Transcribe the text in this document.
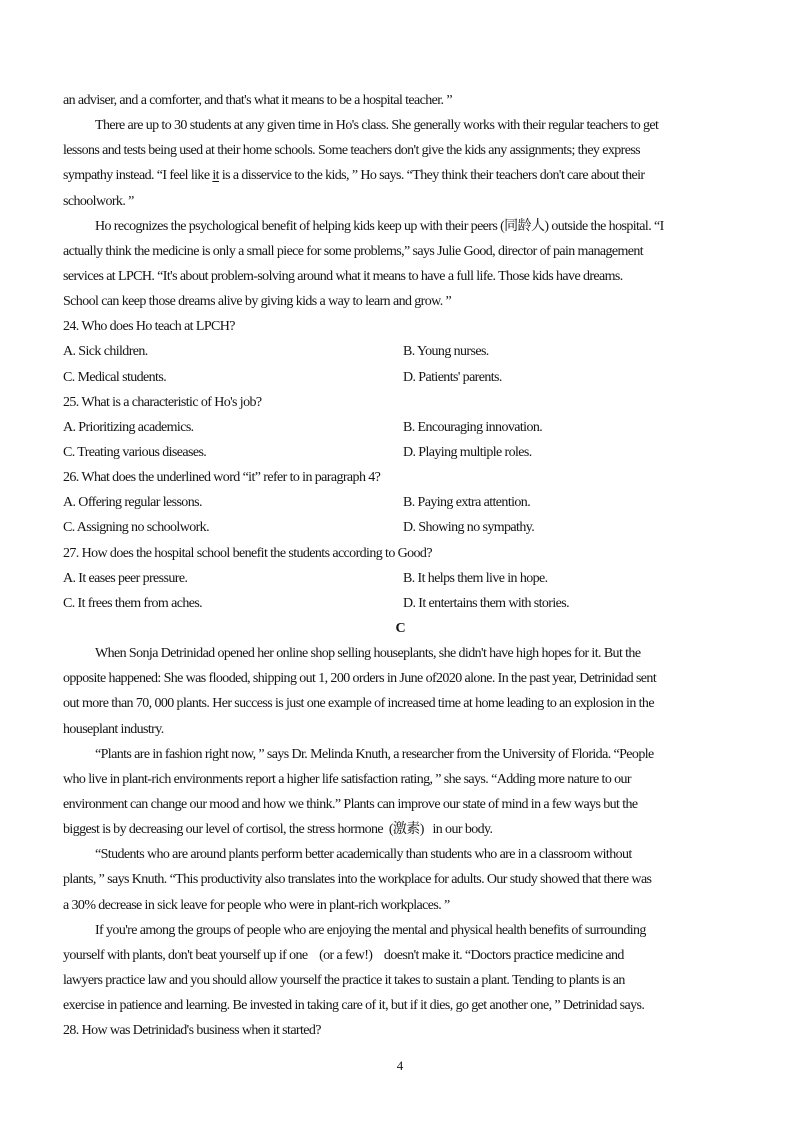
an adviser, and a comforter, and that's what it means to be a hospital teacher. ”
There are up to 30 students at any given time in Ho's class. She generally works with their regular teachers to get
lessons and tests being used at their home schools. Some teachers don't give the kids any assignments; they express
sympathy instead. “I feel like it is a disservice to the kids, ” Ho says. “They think their teachers don't care about their
schoolwork. ”
Ho recognizes the psychological benefit of helping kids keep up with their peers (同龄人) outside the hospital. “I
actually think the medicine is only a small piece for some problems,” says Julie Good, director of pain management
services at LPCH. “It's about problem-solving around what it means to have a full life. Those kids have dreams.
School can keep those dreams alive by giving kids a way to learn and grow. ”
24. Who does Ho teach at LPCH?
A. Sick children.	B. Young nurses.
C. Medical students.	D. Patients' parents.
25. What is a characteristic of Ho's job?
A. Prioritizing academics.	B. Encouraging innovation.
C. Treating various diseases.	D. Playing multiple roles.
26. What does the underlined word “it” refer to in paragraph 4?
A. Offering regular lessons.	B. Paying extra attention.
C. Assigning no schoolwork.	D. Showing no sympathy.
27. How does the hospital school benefit the students according to Good?
A. It eases peer pressure.	B. It helps them live in hope.
C. It frees them from aches.	D. It entertains them with stories.
C
When Sonja Detrinidad opened her online shop selling houseplants, she didn't have high hopes for it. But the
opposite happened: She was flooded, shipping out 1, 200 orders in June of2020 alone. In the past year, Detrinidad sent
out more than 70, 000 plants. Her success is just one example of increased time at home leading to an explosion in the
houseplant industry.
“Plants are in fashion right now, ” says Dr. Melinda Knuth, a researcher from the University of Florida. “People
who live in plant-rich environments report a higher life satisfaction rating, ” she says. “Adding more nature to our
environment can change our mood and how we think.” Plants can improve our state of mind in a few ways but the
biggest is by decreasing our level of cortisol, the stress hormone  (激素)   in our body.
“Students who are around plants perform better academically than students who are in a classroom without
plants, ” says Knuth. “This productivity also translates into the workplace for adults. Our study showed that there was
a 30% decrease in sick leave for people who were in plant-rich workplaces. ”
If you're among the groups of people who are enjoying the mental and physical health benefits of surrounding
yourself with plants, don't beat yourself up if one    (or a few!)    doesn't make it. “Doctors practice medicine and
lawyers practice law and you should allow yourself the practice it takes to sustain a plant. Tending to plants is an
exercise in patience and learning. Be invested in taking care of it, but if it dies, go get another one, ” Detrinidad says.
28. How was Detrinidad's business when it started?
4
